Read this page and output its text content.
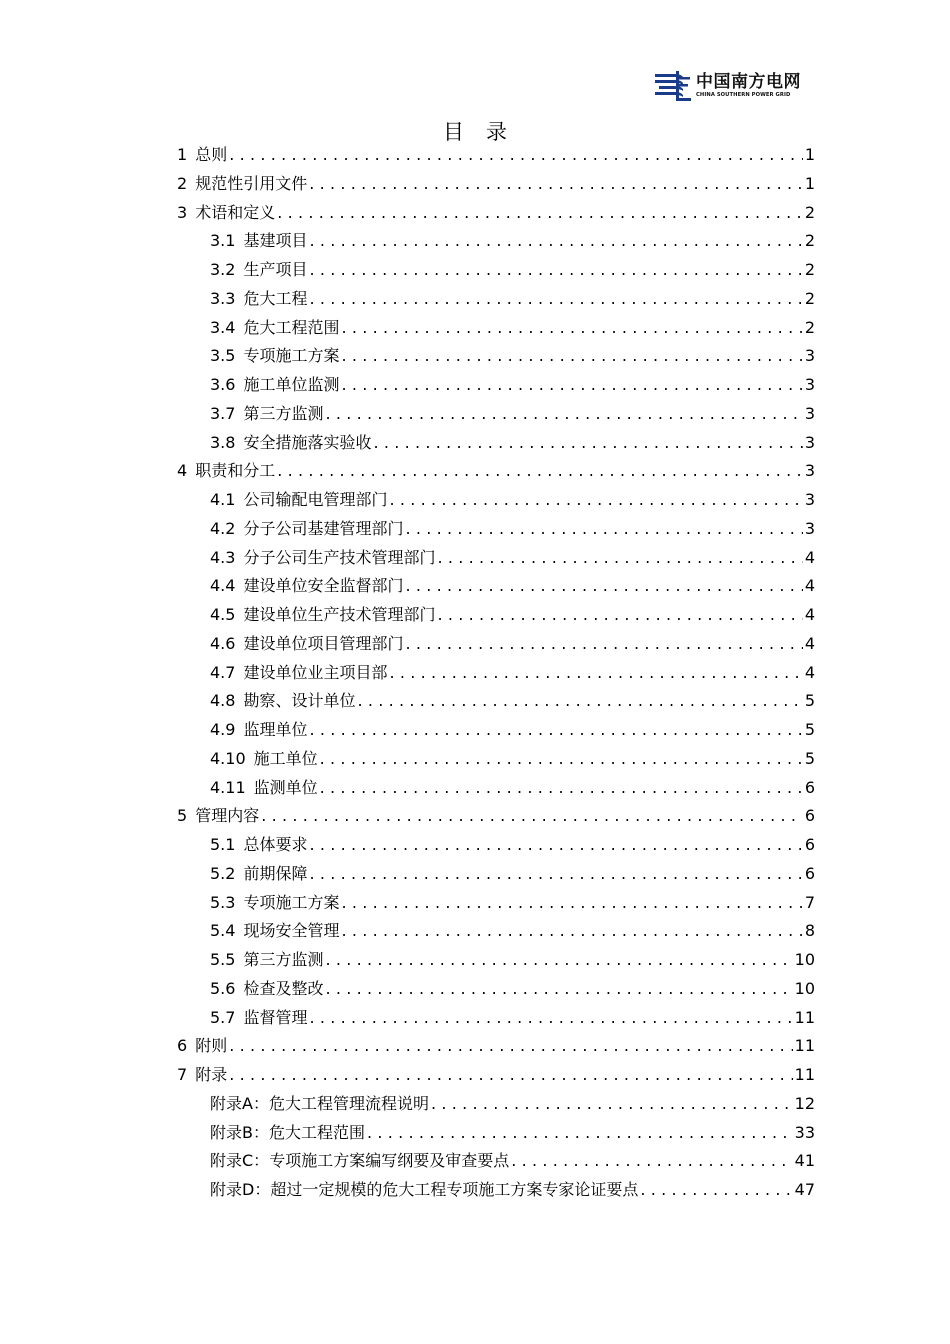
中国南方电网
CHINA SOUTHERN POWER GRID
目录
1 总则 .....	1
2 规范性引用文件 .....	1
3 术语和定义 .....	2
3.1 基建项目 .....	2
3.2 生产项目 .....	2
3.3 危大工程 .....	2
3.4 危大工程范围 .....	2
3.5 专项施工方案 .....	3
3.6 施工单位监测 .....	3
3.7 第三方监测 .....	3
3.8 安全措施落实验收 .....	3
4 职责和分工 .....	3
4.1 公司输配电管理部门 .....	3
4.2 分子公司基建管理部门 .....	3
4.3 分子公司生产技术管理部门 .....	4
4.4 建设单位安全监督部门 .....	4
4.5 建设单位生产技术管理部门 .....	4
4.6 建设单位项目管理部门 .....	4
4.7 建设单位业主项目部 .....	4
4.8 勘察、设计单位 .....	5
4.9 监理单位 .....	5
4.10 施工单位 .....	5
4.11 监测单位 .....	6
5 管理内容 .....	6
5.1 总体要求 .....	6
5.2 前期保障 .....	6
5.3 专项施工方案 .....	7
5.4 现场安全管理 .....	8
5.5 第三方监测 .....	10
5.6 检查及整改 .....	10
5.7 监督管理 .....	11
6 附则 .....	11
7 附录 .....	11
附录A：危大工程管理流程说明 .....	12
附录B：危大工程范围 .....	33
附录C：专项施工方案编写纲要及审查要点 .....	41
附录D：超过一定规模的危大工程专项施工方案专家论证要点 .....	47
